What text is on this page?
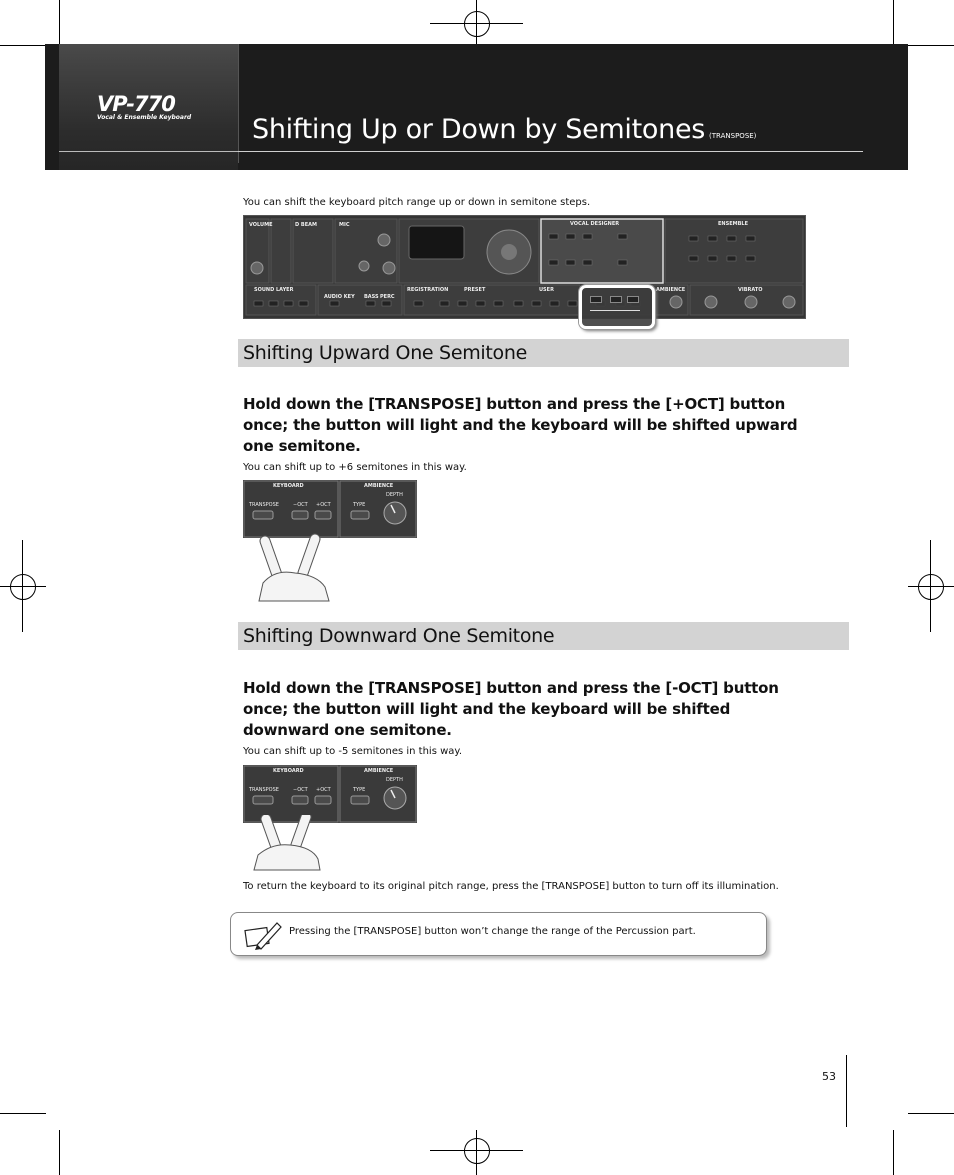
VP-770
Vocal & Ensemble Keyboard Shifting Up or Down by Semitones (TRANSPOSE)
You can shift the keyboard pitch range up or down in semitone steps.
VOLUME	D BEAM	MIC	VOCAL DESIGNER	ENSEMBLE
SOUND LAYER
AUDIO KEY BASS PERC
REGISTRATION	PRESET	USER	AMBIENCE	VIBRATO
Shifting Upward One Semitone
Hold down the [TRANSPOSE] button and press the [+OCT] button once; the button will light and the keyboard will be shifted upward one semitone.
You can shift up to +6 semitones in this way.
KEYBOARD	AMBIENCE
TRANSPOSE	−OCT +OCT	TYPE
DEPTH
Shifting Downward One Semitone
Hold down the [TRANSPOSE] button and press the [-OCT] button once; the button will light and the keyboard will be shifted downward one semitone.
You can shift up to -5 semitones in this way.
KEYBOARD	AMBIENCE
TRANSPOSE	−OCT +OCT	TYPE
DEPTH
To return the keyboard to its original pitch range, press the [TRANSPOSE] button to turn off its illumination.
Pressing the [TRANSPOSE] button won’t change the range of the Percussion part.
53
